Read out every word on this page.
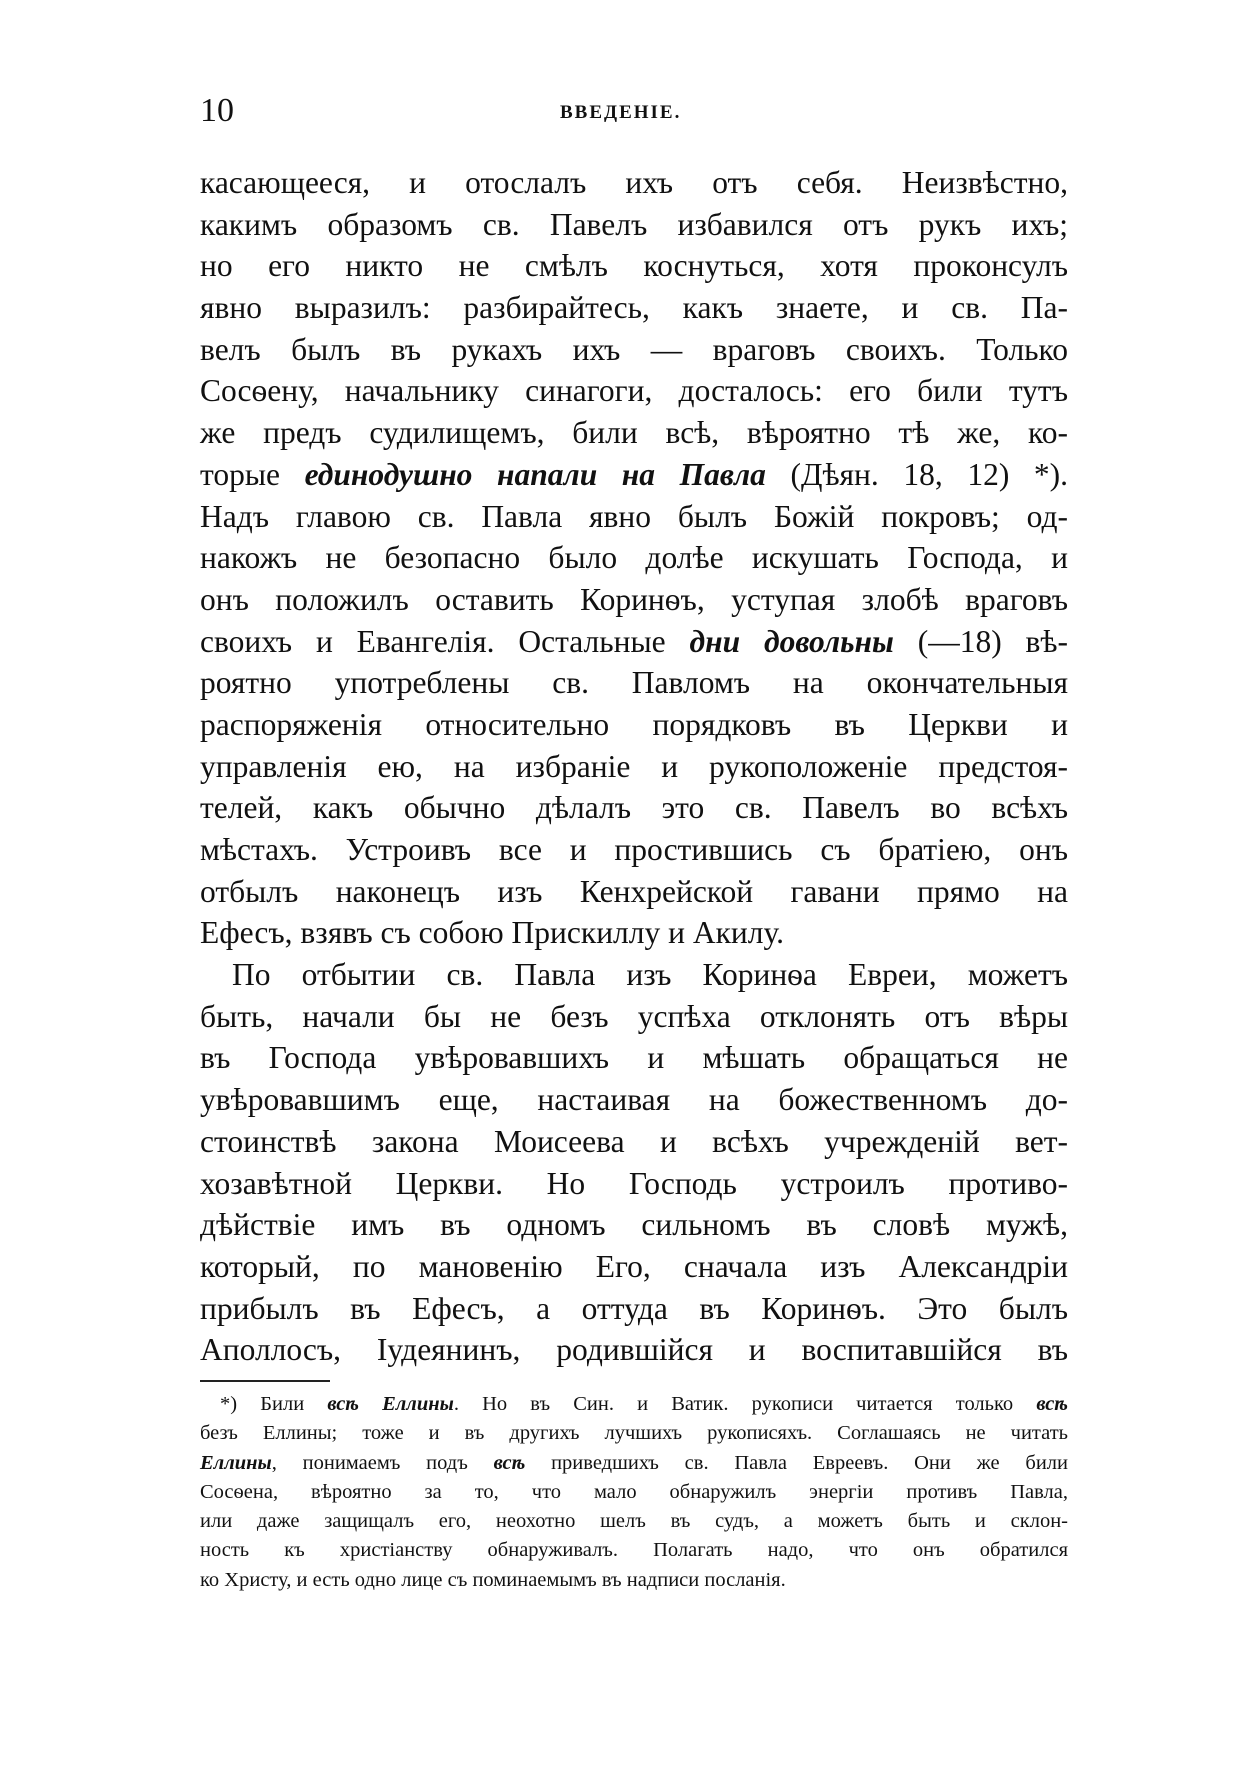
10	ВВЕДЕНІЕ.
касающееся, и отослалъ ихъ отъ себя. Неизвѣстно,
какимъ образомъ св. Павелъ избавился отъ рукъ ихъ;
но его никто не смѣлъ коснуться, хотя проконсулъ
явно выразилъ: разбирайтесь, какъ знаете, и св. Па-
велъ былъ въ рукахъ ихъ — враговъ своихъ. Только
Сосѳену, начальнику синагоги, досталось: его били тутъ
же предъ судилищемъ, били всѣ, вѣроятно тѣ же, ко-
торые единодушно напали на Павла (Дѣян. 18, 12) *).
Надъ главою св. Павла явно былъ Божій покровъ; од-
накожъ не безопасно было долѣе искушать Господа, и
онъ положилъ оставить Коринѳъ, уступая злобѣ враговъ
своихъ и Евангелія. Остальные дни довольны (—18) вѣ-
роятно употреблены св. Павломъ на окончательныя
распоряженія относительно порядковъ въ Церкви и
управленія ею, на избраніе и рукоположеніе предстоя-
телей, какъ обычно дѣлалъ это св. Павелъ во всѣхъ
мѣстахъ. Устроивъ все и простившись съ братіею, онъ
отбылъ наконецъ изъ Кенхрейской гавани прямо на
Ефесъ, взявъ съ собою Прискиллу и Акилу.
По отбытии св. Павла изъ Коринѳа Евреи, можетъ
быть, начали бы не безъ успѣха отклонять отъ вѣры
въ Господа увѣровавшихъ и мѣшать обращаться не
увѣровавшимъ еще, настаивая на божественномъ до-
стоинствѣ закона Моисеева и всѣхъ учрежденій вет-
хозавѣтной Церкви. Но Господь устроилъ противо-
дѣйствіе имъ въ одномъ сильномъ въ словѣ мужѣ,
который, по мановенію Его, сначала изъ Александріи
прибылъ въ Ефесъ, а оттуда въ Коринѳъ. Это былъ
Аполлосъ, Іудеянинъ, родившійся и воспитавшійся въ
*) Били всѣ Еллины. Но въ Син. и Ватик. рукописи читается только всѣ
безъ Еллины; тоже и въ другихъ лучшихъ рукописяхъ. Соглашаясь не читать
Еллины, понимаемъ подъ всѣ приведшихъ св. Павла Евреевъ. Они же били
Сосѳена, вѣроятно за то, что мало обнаружилъ энергіи противъ Павла,
или даже защищалъ его, неохотно шелъ въ судъ, а можетъ быть и склон-
ность къ христіанству обнаруживалъ. Полагать надо, что онъ обратился
ко Христу, и есть одно лице съ поминаемымъ въ надписи посланія.
